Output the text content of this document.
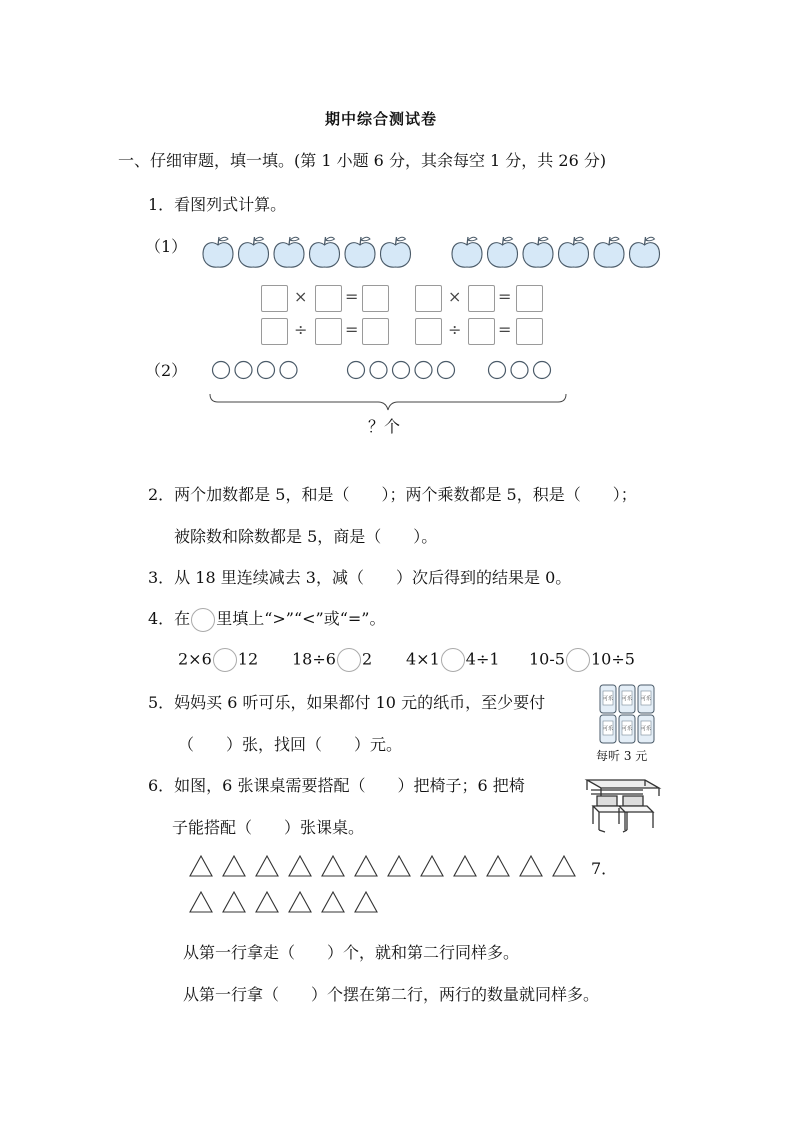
期中综合测试卷
一、仔细审题，填一填。(第 1 小题 6 分，其余每空 1 分，共 26 分)
1．看图列式计算。
（1）
× =	× =
÷ =	÷ =
（2）
？个
2．两个加数都是 5，和是（　　）；两个乘数都是 5，积是（　　）；
被除数和除数都是 5，商是（　　）。
3．从 18 里连续减去 3，减（　　）次后得到的结果是 0。
4．在 里填上“>”“<”或“=”。
2×6 12 18÷6 2 4×1 4÷1 10-5 10÷5
5．妈妈买 6 听可乐，如果都付 10 元的纸币，至少要付
（　　）张，找回（　　）元。
可乐 可乐 可乐
可乐 可乐 可乐
每听 3 元
6．如图，6 张课桌需要搭配（　　）把椅子；6 把椅
子能搭配（　　）张课桌。
7．
从第一行拿走（　　）个，就和第二行同样多。
从第一行拿（　　）个摆在第二行，两行的数量就同样多。
